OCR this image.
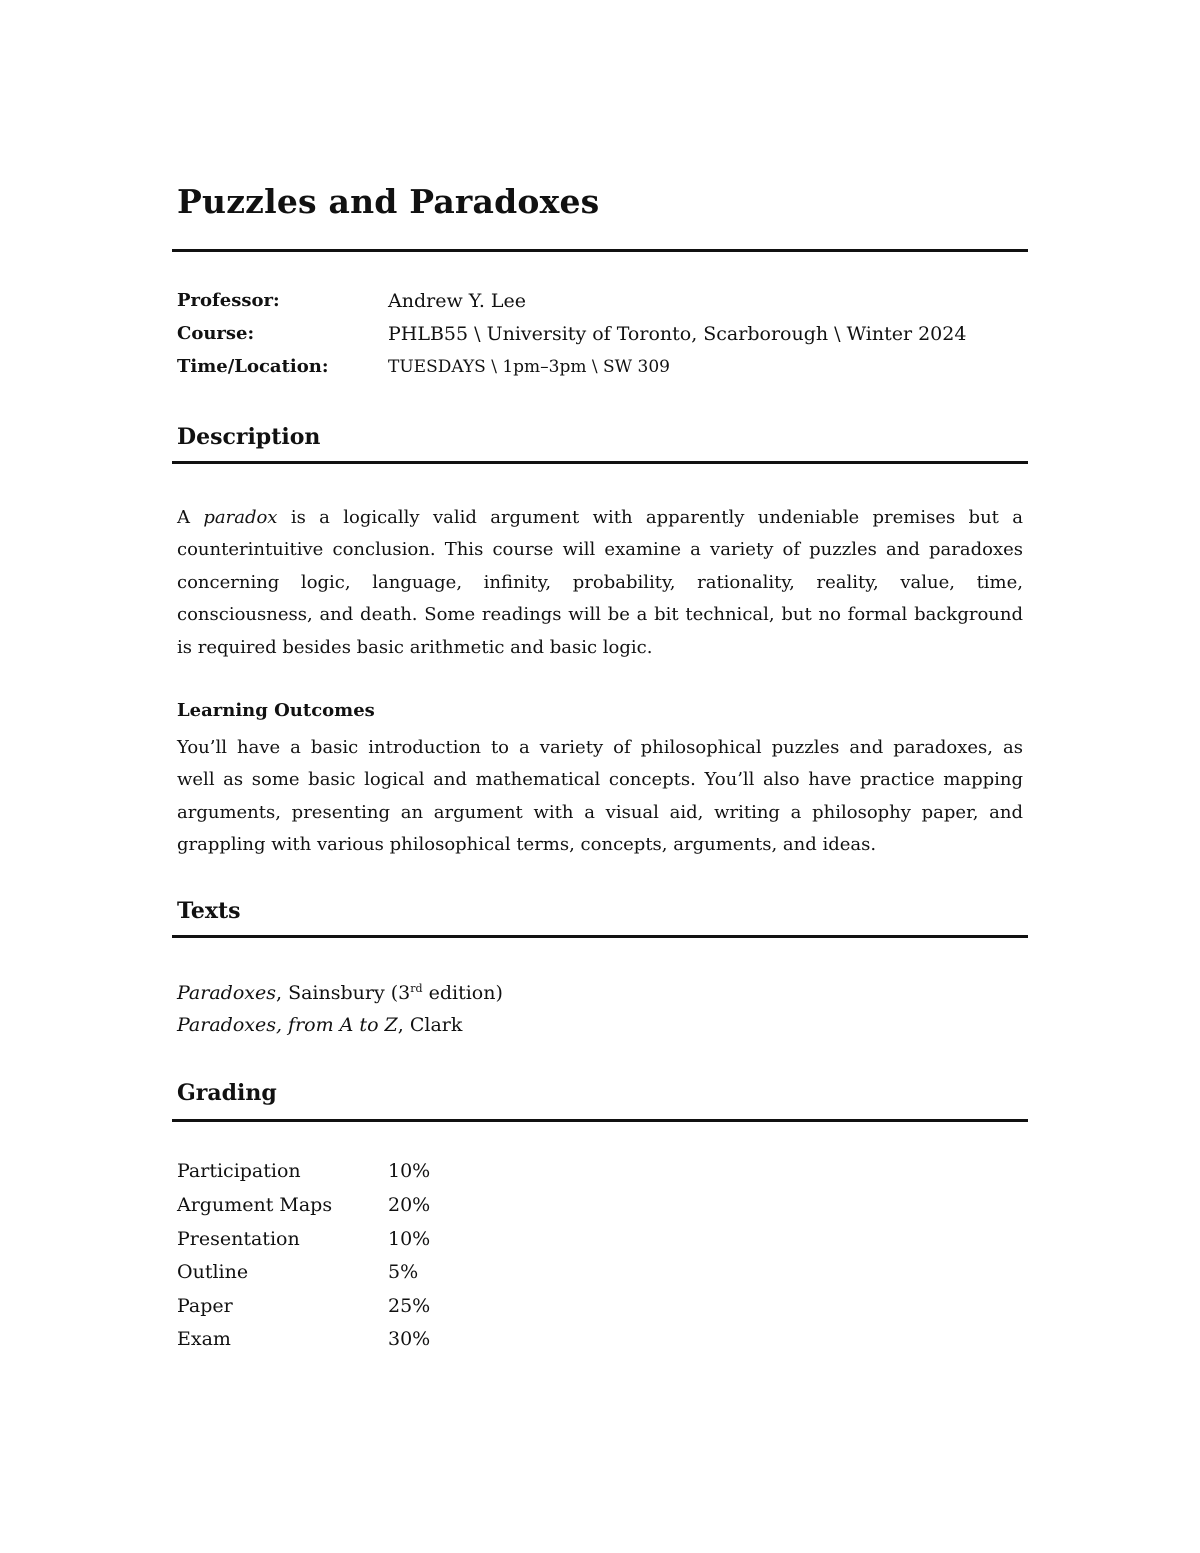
Puzzles and Paradoxes
Professor:	Andrew Y. Lee
Course:	PHLB55 \ University of Toronto, Scarborough \ Winter 2024
Time/Location:	TUESDAYS \ 1pm–3pm \ SW 309
Description
A paradox is a logically valid argument with apparently undeniable premises but a
counterintuitive conclusion. This course will examine a variety of puzzles and paradoxes
concerning logic, language, infinity, probability, rationality, reality, value, time,
consciousness, and death. Some readings will be a bit technical, but no formal background
is required besides basic arithmetic and basic logic.
Learning Outcomes
You’ll have a basic introduction to a variety of philosophical puzzles and paradoxes, as
well as some basic logical and mathematical concepts. You’ll also have practice mapping
arguments, presenting an argument with a visual aid, writing a philosophy paper, and
grappling with various philosophical terms, concepts, arguments, and ideas.
Texts
Paradoxes, Sainsbury (3rd edition)
Paradoxes, from A to Z, Clark
Grading
Participation	10%
Argument Maps	20%
Presentation	10%
Outline	5%
Paper	25%
Exam	30%
